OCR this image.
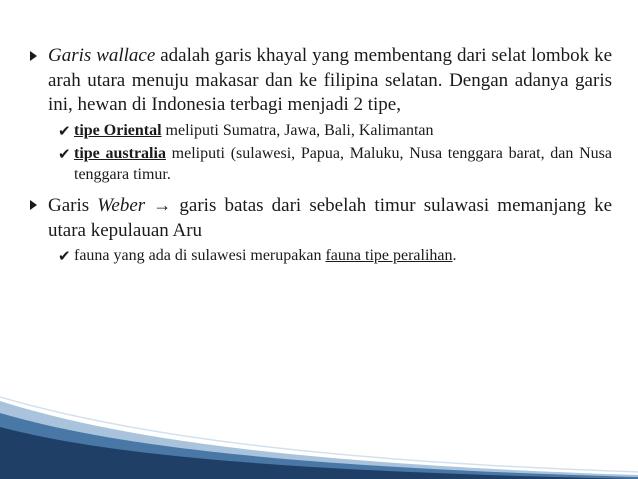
Garis wallace adalah garis khayal yang membentang dari selat lombok ke arah utara menuju makasar dan ke filipina selatan. Dengan adanya garis ini, hewan di Indonesia terbagi menjadi 2 tipe,
✔ tipe Oriental meliputi Sumatra, Jawa, Bali, Kalimantan
✔ tipe australia meliputi (sulawesi, Papua, Maluku, Nusa tenggara barat, dan Nusa tenggara timur.
Garis Weber → garis batas dari sebelah timur sulawasi memanjang ke utara kepulauan Aru
✔ fauna yang ada di sulawesi merupakan fauna tipe peralihan.
